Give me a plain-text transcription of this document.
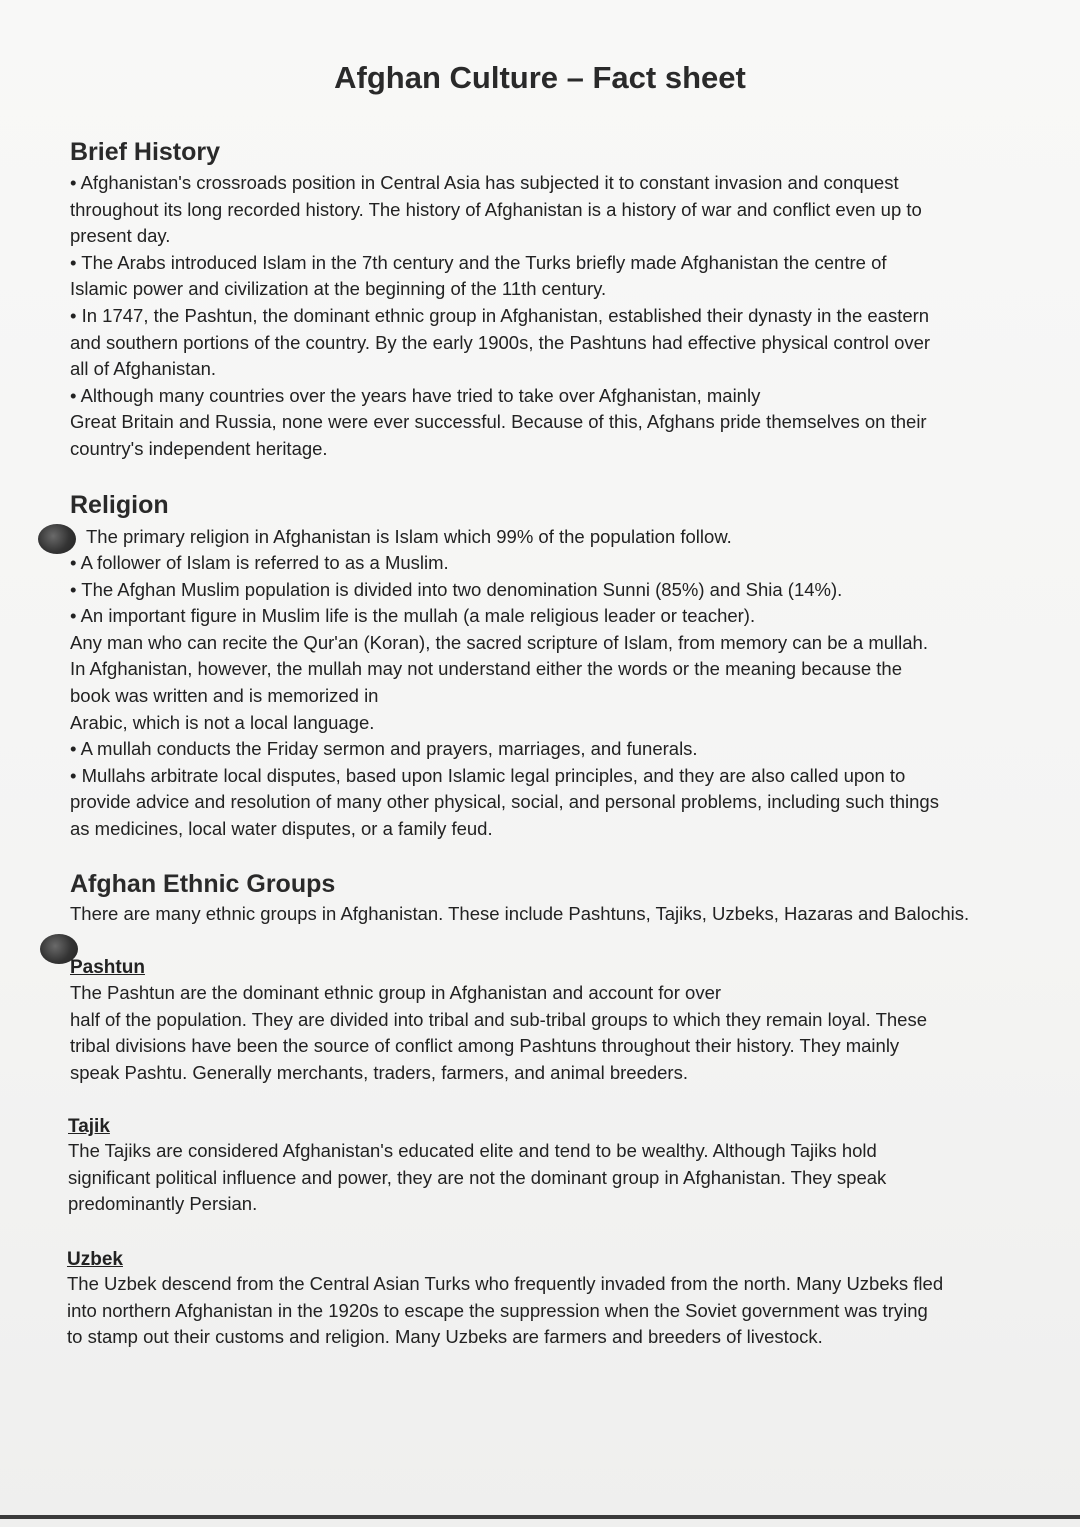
Afghan Culture – Fact sheet
Brief History

• Afghanistan's crossroads position in Central Asia has subjected it to constant invasion and conquest

throughout its long recorded history. The history of Afghanistan is a history of war and conflict even up to

present day.

• The Arabs introduced Islam in the 7th century and the Turks briefly made Afghanistan the centre of

Islamic power and civilization at the beginning of the 11th century.

• In 1747, the Pashtun, the dominant ethnic group in Afghanistan, established their dynasty in the eastern

and southern portions of the country. By the early 1900s, the Pashtuns had effective physical control over

all of Afghanistan.

• Although many countries over the years have tried to take over Afghanistan, mainly

Great Britain and Russia, none were ever successful. Because of this, Afghans pride themselves on their

country's independent heritage.

Religion

The primary religion in Afghanistan is Islam which 99% of the population follow.

• A follower of Islam is referred to as a Muslim.

• The Afghan Muslim population is divided into two denomination Sunni (85%) and Shia (14%).

• An important figure in Muslim life is the mullah (a male religious leader or teacher).

Any man who can recite the Qur'an (Koran), the sacred scripture of Islam, from memory can be a mullah.

In Afghanistan, however, the mullah may not understand either the words or the meaning because the

book was written and is memorized in

Arabic, which is not a local language.

• A mullah conducts the Friday sermon and prayers, marriages, and funerals.

• Mullahs arbitrate local disputes, based upon Islamic legal principles, and they are also called upon to

provide advice and resolution of many other physical, social, and personal problems, including such things

as medicines, local water disputes, or a family feud.

Afghan Ethnic Groups

There are many ethnic groups in Afghanistan. These include Pashtuns, Tajiks, Uzbeks, Hazaras and Balochis.

Pashtun

The Pashtun are the dominant ethnic group in Afghanistan and account for over

half of the population. They are divided into tribal and sub-tribal groups to which they remain loyal. These

tribal divisions have been the source of conflict among Pashtuns throughout their history. They mainly

speak Pashtu. Generally merchants, traders, farmers, and animal breeders.

Tajik

The Tajiks are considered Afghanistan's educated elite and tend to be wealthy. Although Tajiks hold

significant political influence and power, they are not the dominant group in Afghanistan. They speak

predominantly Persian.

Uzbek

The Uzbek descend from the Central Asian Turks who frequently invaded from the north. Many Uzbeks fled

into northern Afghanistan in the 1920s to escape the suppression when the Soviet government was trying

to stamp out their customs and religion. Many Uzbeks are farmers and breeders of livestock.
